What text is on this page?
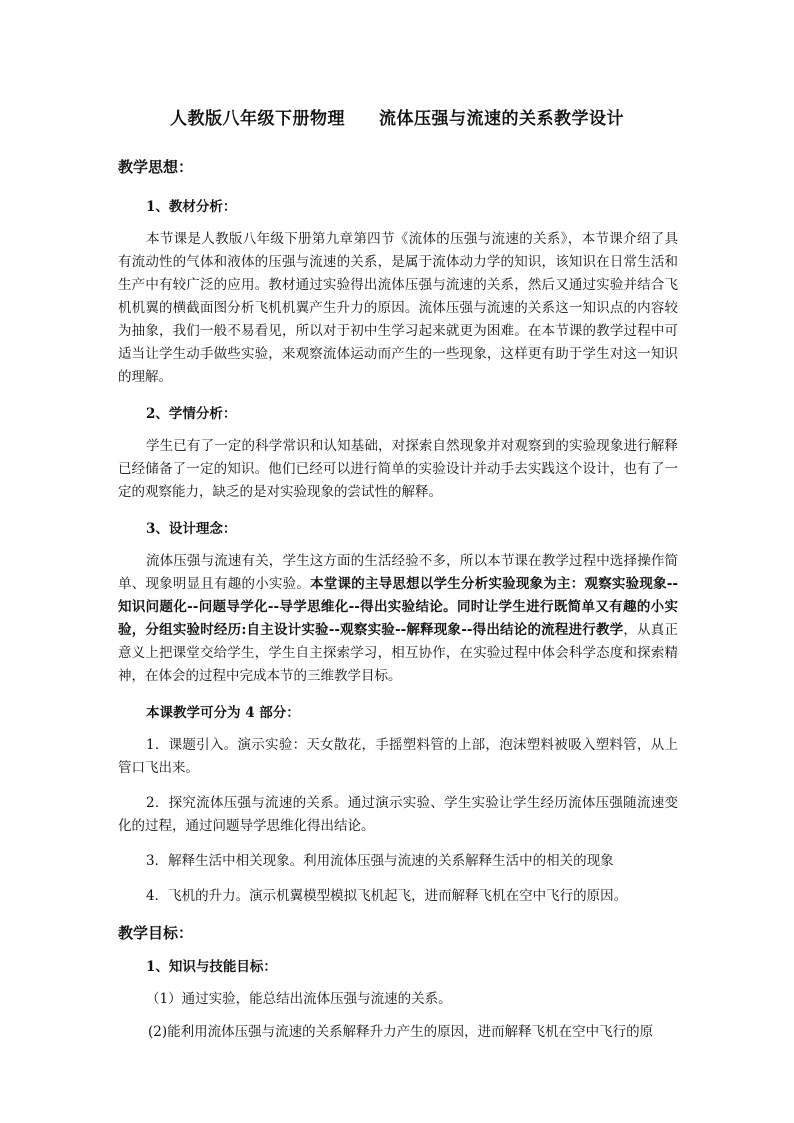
人教版八年级下册物理 流体压强与流速的关系教学设计
教学思想：
1、教材分析：

本节课是人教版八年级下册第九章第四节《流体的压强与流速的关系》，本节课介绍了具有流动性的气体和液体的压强与流速的关系，是属于流体动力学的知识，该知识在日常生活和生产中有较广泛的应用。教材通过实验得出流体压强与流速的关系，然后又通过实验并结合飞机机翼的横截面图分析飞机机翼产生升力的原因。流体压强与流速的关系这一知识点的内容较为抽象，我们一般不易看见，所以对于初中生学习起来就更为困难。在本节课的教学过程中可适当让学生动手做些实验，来观察流体运动而产生的一些现象，这样更有助于学生对这一知识的理解。

2、学情分析：

学生已有了一定的科学常识和认知基础，对探索自然现象并对观察到的实验现象进行解释已经储备了一定的知识。他们已经可以进行简单的实验设计并动手去实践这个设计，也有了一定的观察能力，缺乏的是对实验现象的尝试性的解释。

3、设计理念：

流体压强与流速有关，学生这方面的生活经验不多，所以本节课在教学过程中选择操作简单、现象明显且有趣的小实验。本堂课的主导思想以学生分析实验现象为主：观察实验现象--知识问题化--问题导学化--导学思维化--得出实验结论。同时让学生进行既简单又有趣的小实验，分组实验时经历:自主设计实验--观察实验--解释现象--得出结论的流程进行教学，从真正意义上把课堂交给学生，学生自主探索学习，相互协作，在实验过程中体会科学态度和探索精神，在体会的过程中完成本节的三维教学目标。

本课教学可分为 4 部分：

1．课题引入。演示实验：天女散花，手摇塑料管的上部，泡沫塑料被吸入塑料管，从上管口飞出来。

2．探究流体压强与流速的关系。通过演示实验、学生实验让学生经历流体压强随流速变化的过程，通过问题导学思维化得出结论。

3．解释生活中相关现象。利用流体压强与流速的关系解释生活中的相关的现象

4．飞机的升力。演示机翼模型模拟飞机起飞，进而解释飞机在空中飞行的原因。

教学目标：
1、知识与技能目标：
（1）通过实验，能总结出流体压强与流速的关系。
(2)能利用流体压强与流速的关系解释升力产生的原因，进而解释飞机在空中飞行的原
